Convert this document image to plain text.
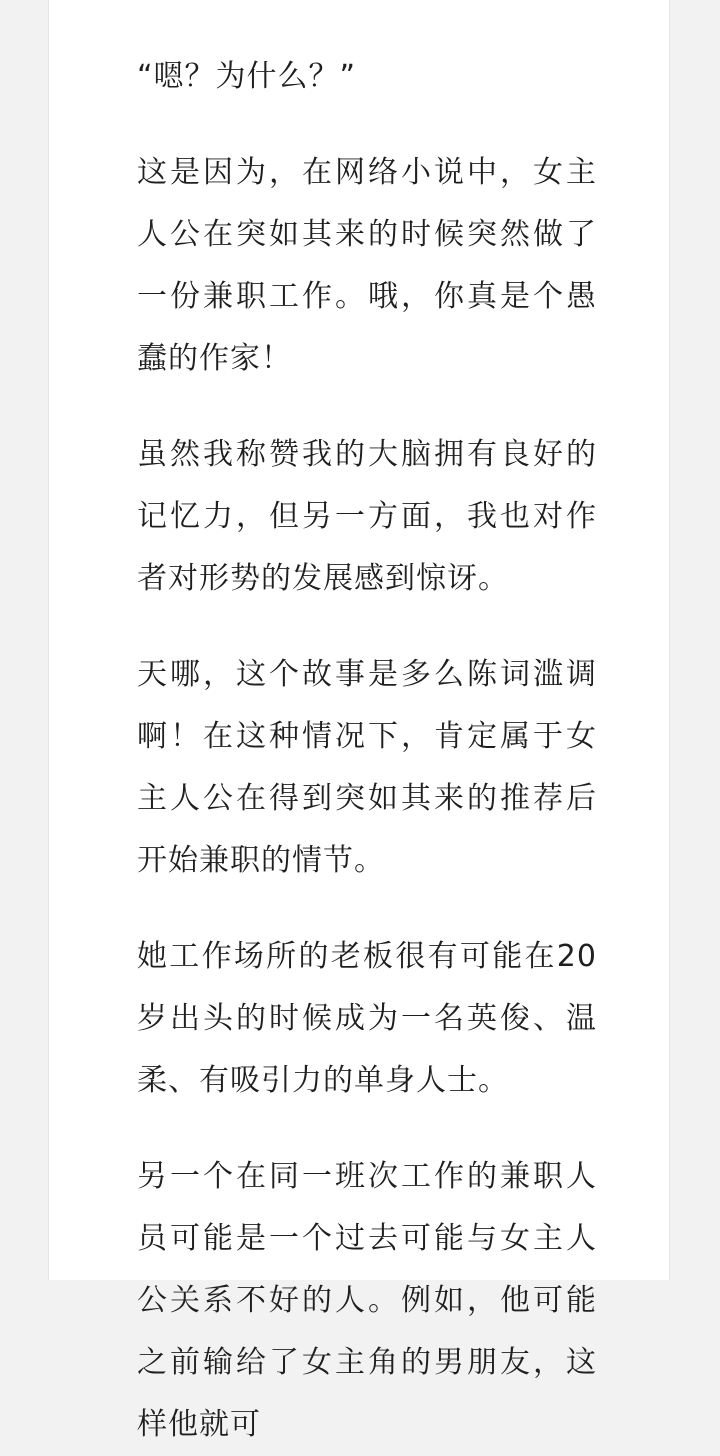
“嗯？为什么？”

这是因为，在网络小说中，女主人公在突如其来的时候突然做了一份兼职工作。哦，你真是个愚蠢的作家！

虽然我称赞我的大脑拥有良好的记忆力，但另一方面，我也对作者对形势的发展感到惊讶。

天哪，这个故事是多么陈词滥调啊！在这种情况下，肯定属于女主人公在得到突如其来的推荐后开始兼职的情节。

她工作场所的老板很有可能在20岁出头的时候成为一名英俊、温柔、有吸引力的单身人士。

另一个在同一班次工作的兼职人员可能是一个过去可能与女主人公关系不好的人。例如，他可能之前输给了女主角的男朋友，这样他就可
